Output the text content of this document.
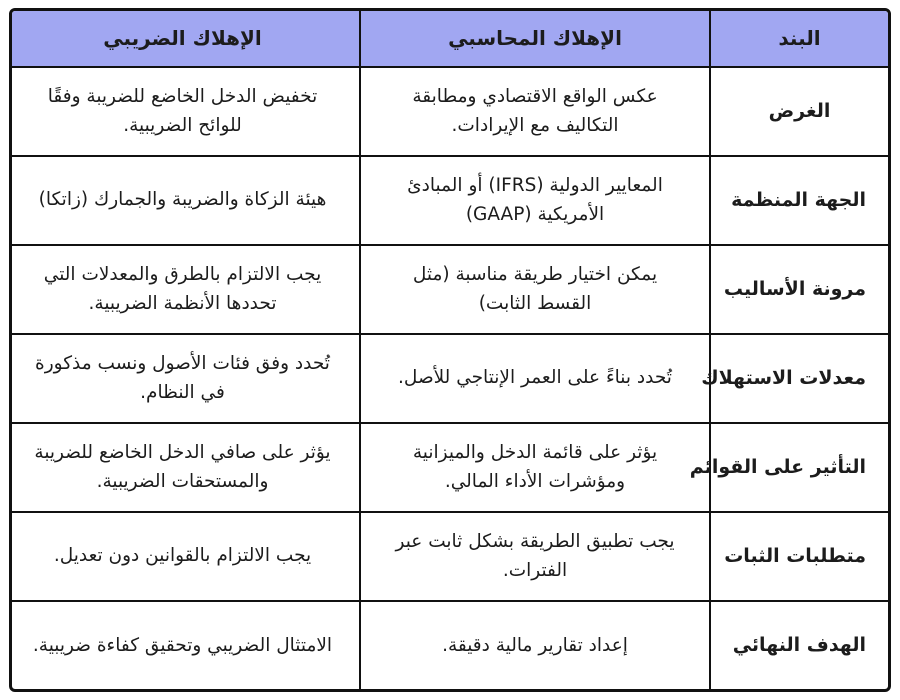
البند	الإهلاك المحاسبي	الإهلاك الضريبي
الغرض	عكس الواقع الاقتصادي ومطابقة التكاليف مع الإيرادات.	تخفيض الدخل الخاضع للضريبة وفقًا للوائح الضريبية.
الجهة المنظمة	المعايير الدولية (IFRS) أو المبادئ الأمريكية (GAAP)	هيئة الزكاة والضريبة والجمارك (زاتكا)
مرونة الأساليب	يمكن اختيار طريقة مناسبة (مثل القسط الثابت)	يجب الالتزام بالطرق والمعدلات التي تحددها الأنظمة الضريبية.
معدلات الاستهلاك	تُحدد بناءً على العمر الإنتاجي للأصل.	تُحدد وفق فئات الأصول ونسب مذكورة في النظام.
التأثير على القوائم	يؤثر على قائمة الدخل والميزانية ومؤشرات الأداء المالي.	يؤثر على صافي الدخل الخاضع للضريبة والمستحقات الضريبية.
متطلبات الثبات	يجب تطبيق الطريقة بشكل ثابت عبر الفترات.	يجب الالتزام بالقوانين دون تعديل.
الهدف النهائي	إعداد تقارير مالية دقيقة.	الامتثال الضريبي وتحقيق كفاءة ضريبية.
